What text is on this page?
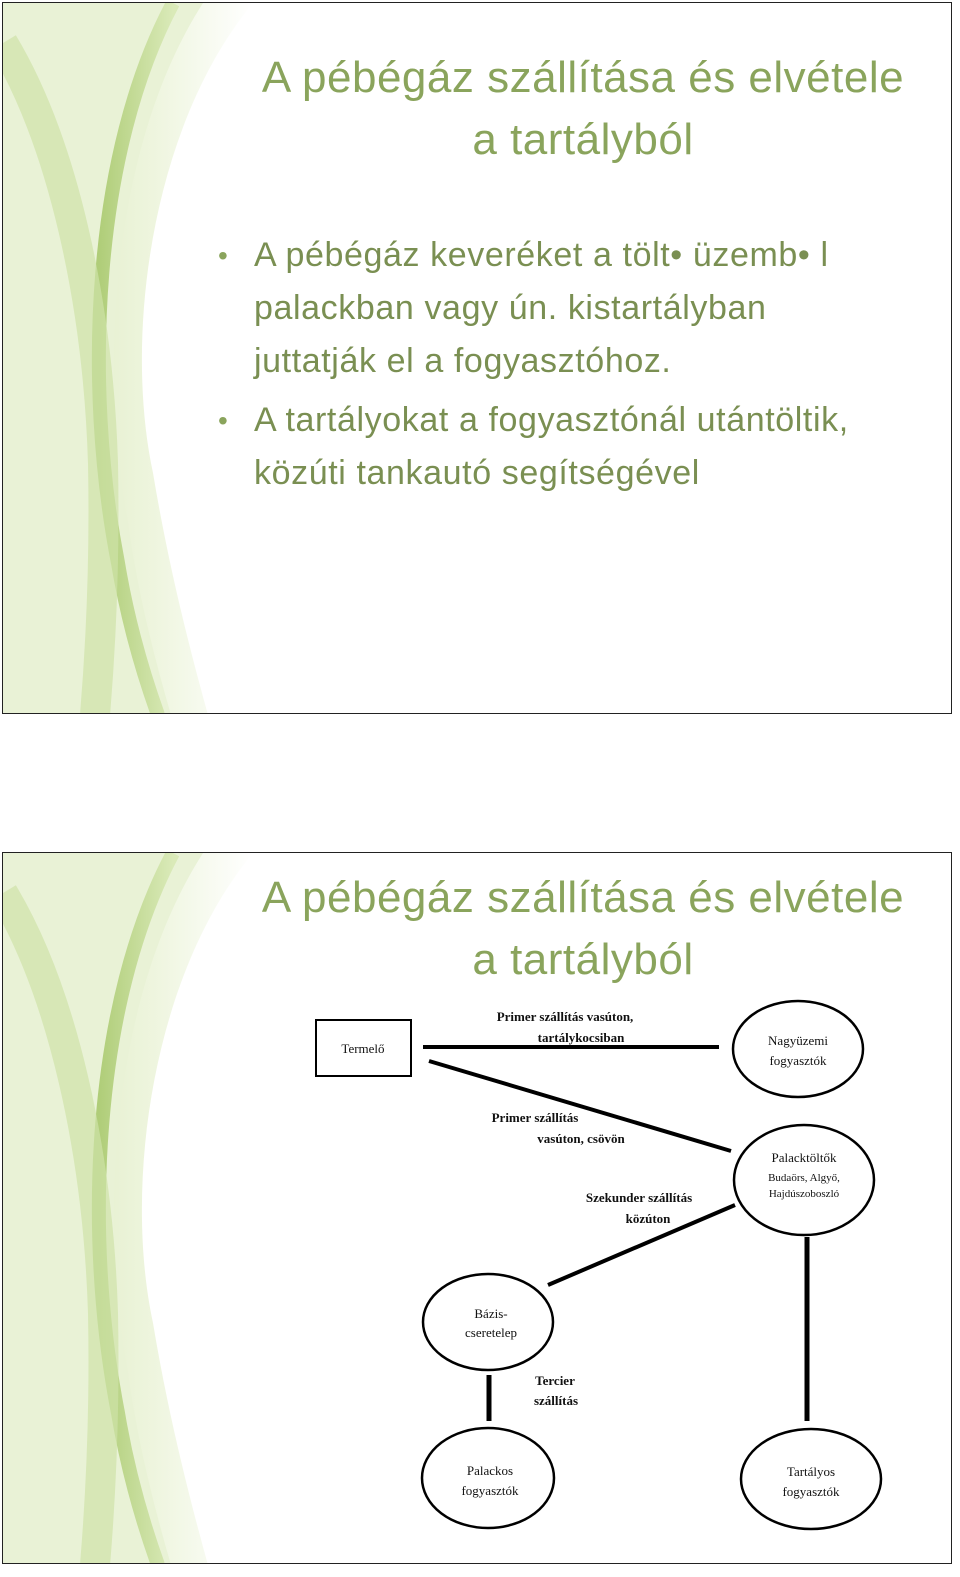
A pébégáz szállítása és elvétele
a tartályból
• A pébégáz keveréket a tölt• üzemb• l
palackban vagy ún. kistartályban
juttatják el a fogyasztóhoz.
• A tartályokat a fogyasztónál utántöltik,
közúti tankautó segítségével
A pébégáz szállítása és elvétele
a tartályból
Termelő
Nagyüzemi
fogyasztók
Palacktöltők
Budaörs, Algyő,
Hajdúszoboszló
Bázis-
cseretelep
Palackos
fogyasztók
Tartályos
fogyasztók
Primer szállítás vasúton,
tartálykocsiban
Primer szállítás
vasúton, csövön
Szekunder szállítás
közúton
Tercier
szállítás
